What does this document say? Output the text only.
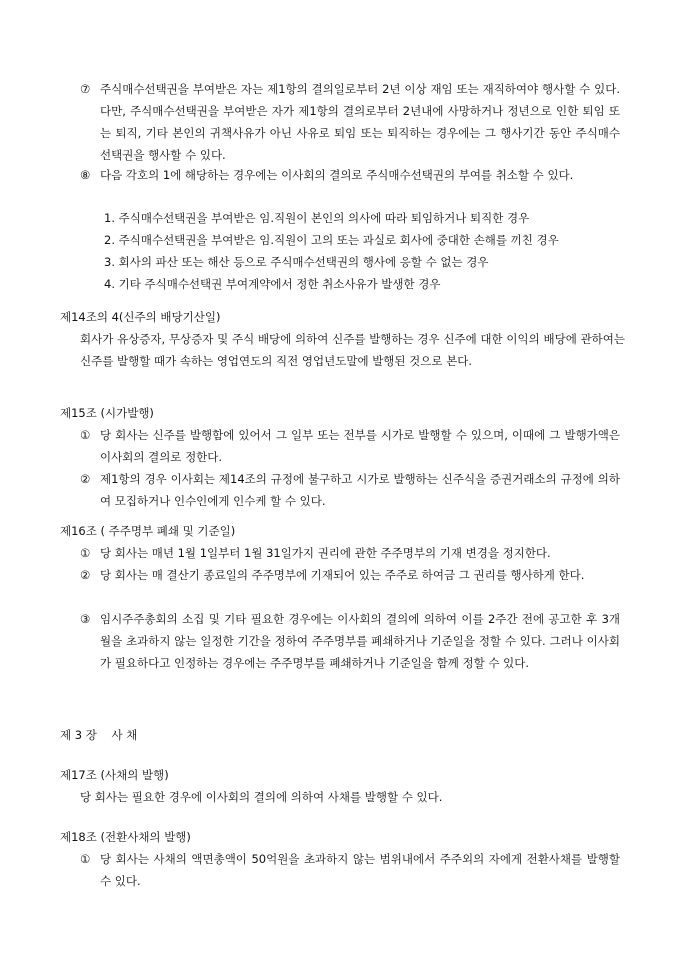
⑦ 주식매수선택권을 부여받은 자는 제1항의 결의일로부터 2년 이상 재임 또는 재직하여야 행사할 수 있다. 다만, 주식매수선택권을 부여받은 자가 제1항의 결의로부터 2년내에 사망하거나 정년으로 인한 퇴임 또는 퇴직, 기타 본인의 귀책사유가 아닌 사유로 퇴임 또는 퇴직하는 경우에는 그 행사기간 동안 주식매수선택권을 행사할 수 있다.
⑧ 다음 각호의 1에 해당하는 경우에는 이사회의 결의로 주식매수선택권의 부여를 취소할 수 있다.
1. 주식매수선택권을 부여받은 임.직원이 본인의 의사에 따라 퇴임하거나 퇴직한 경우
2. 주식매수선택권을 부여받은 임.직원이 고의 또는 과실로 회사에 중대한 손해를 끼친 경우
3. 회사의 파산 또는 해산 등으로 주식매수선택권의 행사에 응할 수 없는 경우
4. 기타 주식매수선택권 부여계약에서 정한 취소사유가 발생한 경우
제14조의 4(신주의 배당기산일)
회사가 유상증자, 무상증자 및 주식 배당에 의하여 신주를 발행하는 경우 신주에 대한 이익의 배당에 관하여는 신주를 발행할 때가 속하는 영업연도의 직전 영업년도말에 발행된 것으로 본다.
제15조 (시가발행)
① 당 회사는 신주를 발행함에 있어서 그 일부 또는 전부를 시가로 발행할 수 있으며, 이때에 그 발행가액은 이사회의 결의로 정한다.
② 제1항의 경우 이사회는 제14조의 규정에 불구하고 시가로 발행하는 신주식을 증권거래소의 규정에 의하여 모집하거나 인수인에게 인수케 할 수 있다.
제16조 ( 주주명부 폐쇄 및 기준일)
① 당 회사는 매년 1월 1일부터 1월 31일가지 권리에 관한 주주명부의 기재 변경을 정지한다.
② 당 회사는 매 결산기 종료일의 주주명부에 기재되어 있는 주주로 하여금 그 권리를 행사하게 한다.
③ 임시주주총회의 소집 및 기타 필요한 경우에는 이사회의 결의에 의하여 이를 2주간 전에 공고한 후 3개월을 초과하지 않는 일정한 기간을 정하여 주주명부를 폐쇄하거나 기준일을 정할 수 있다. 그러나 이사회가 필요하다고 인정하는 경우에는 주주명부를 폐쇄하거나 기준일을 함께 정할 수 있다.
제 3 장    사 채
제17조 (사채의 발행)
당 회사는 필요한 경우에 이사회의 결의에 의하여 사채를 발행할 수 있다.
제18조 (전환사채의 발행)
① 당 회사는 사채의 액면총액이 50억원을 초과하지 않는 범위내에서 주주외의 자에게 전환사채를 발행할 수 있다.
